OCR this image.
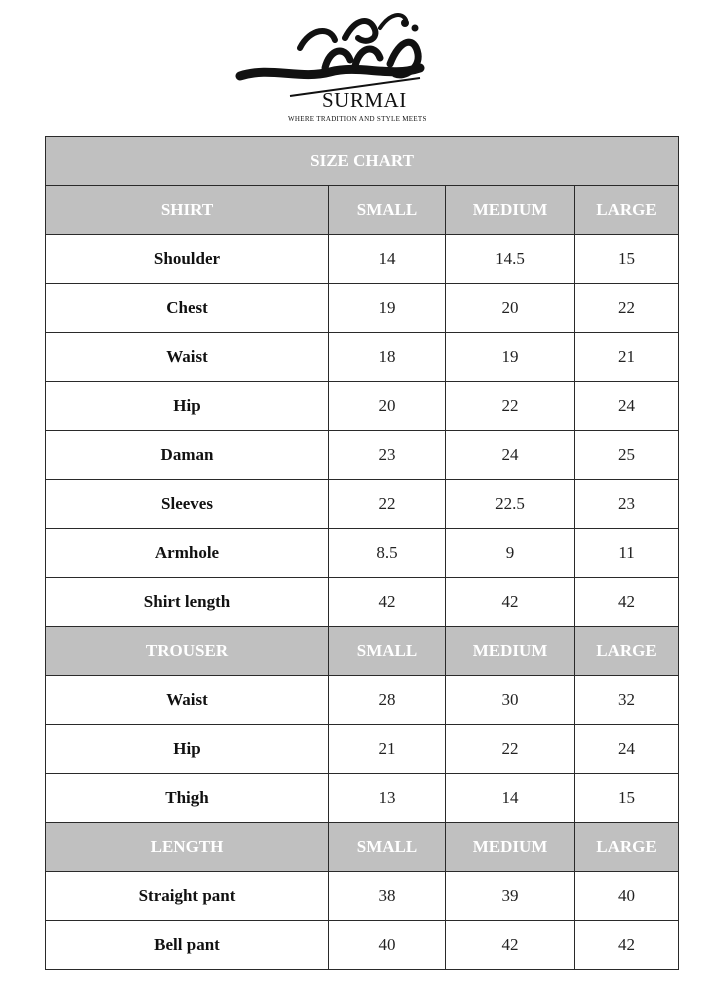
SURMAI
WHERE TRADITION AND STYLE MEETS
SIZE CHART			
SHIRT	SMALL	MEDIUM	LARGE
Shoulder	14	14.5	15
Chest	19	20	22
Waist	18	19	21
Hip	20	22	24
Daman	23	24	25
Sleeves	22	22.5	23
Armhole	8.5	9	11
Shirt length	42	42	42
TROUSER	SMALL	MEDIUM	LARGE
Waist	28	30	32
Hip	21	22	24
Thigh	13	14	15
LENGTH	SMALL	MEDIUM	LARGE
Straight pant	38	39	40
Bell pant	40	42	42
